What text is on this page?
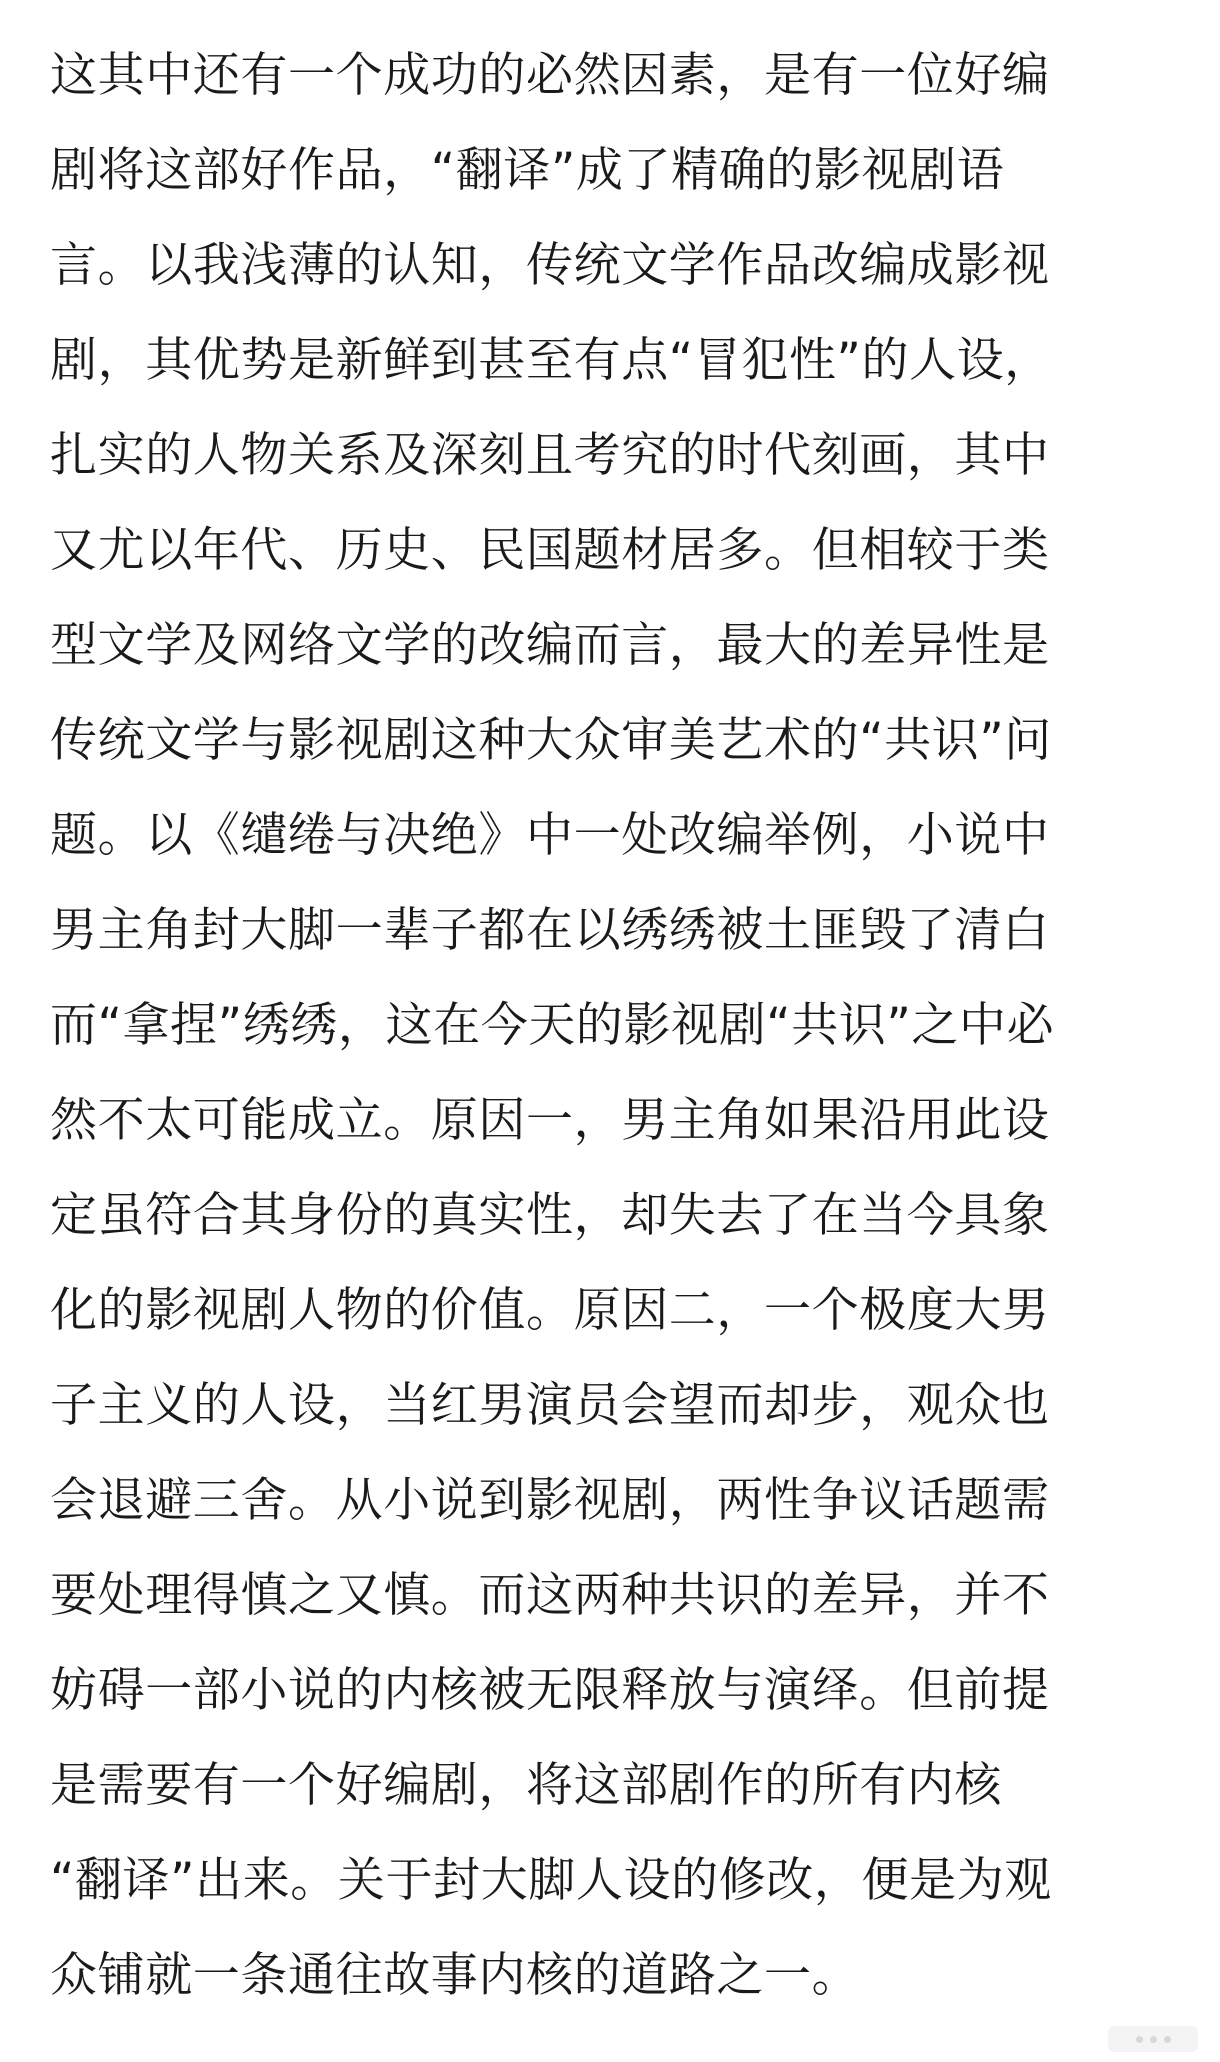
这其中还有一个成功的必然因素，是有一位好编
剧将这部好作品，“翻译”成了精确的影视剧语
言。以我浅薄的认知，传统文学作品改编成影视
剧，其优势是新鲜到甚至有点“冒犯性”的人设，
扎实的人物关系及深刻且考究的时代刻画，其中
又尤以年代、历史、民国题材居多。但相较于类
型文学及网络文学的改编而言，最大的差异性是
传统文学与影视剧这种大众审美艺术的“共识”问
题。以《缱绻与决绝》中一处改编举例，小说中
男主角封大脚一辈子都在以绣绣被土匪毁了清白
而“拿捏”绣绣，这在今天的影视剧“共识”之中必
然不太可能成立。原因一，男主角如果沿用此设
定虽符合其身份的真实性，却失去了在当今具象
化的影视剧人物的价值。原因二，一个极度大男
子主义的人设，当红男演员会望而却步，观众也
会退避三舍。从小说到影视剧，两性争议话题需
要处理得慎之又慎。而这两种共识的差异，并不
妨碍一部小说的内核被无限释放与演绎。但前提
是需要有一个好编剧，将这部剧作的所有内核
“翻译”出来。关于封大脚人设的修改，便是为观
众铺就一条通往故事内核的道路之一。
